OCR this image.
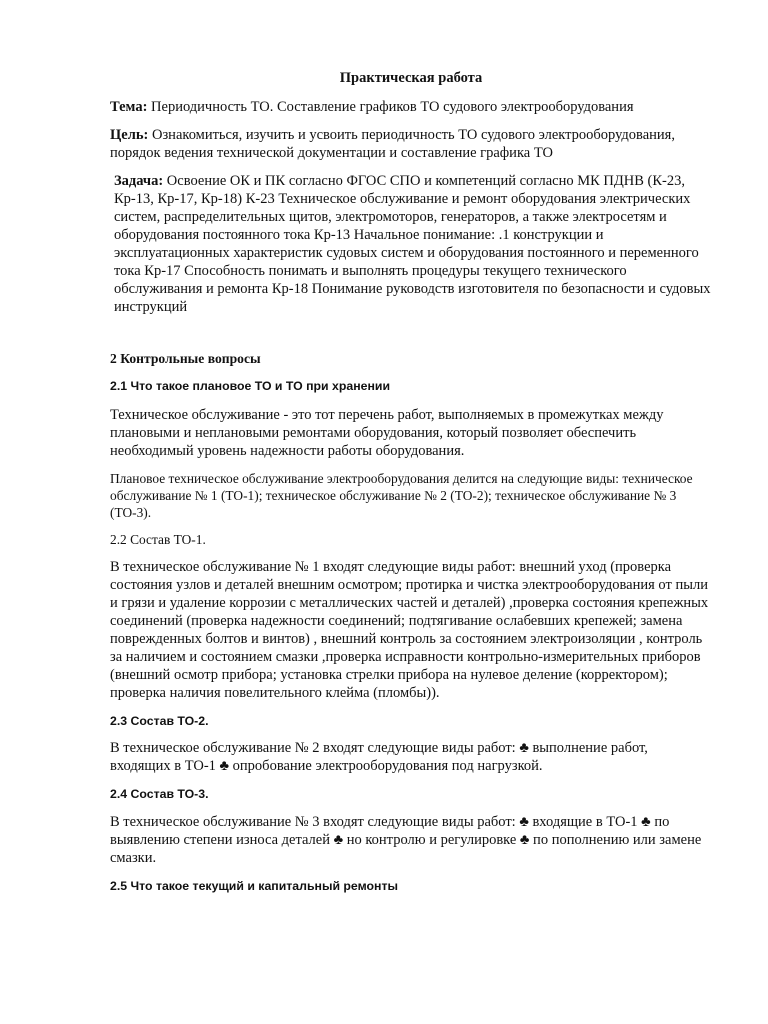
Практическая работа

Тема: Периодичность ТО. Составление графиков ТО судового электрооборудования

Цель: Ознакомиться, изучить и усвоить периодичность ТО судового электрооборудования, порядок ведения технической документации и составление графика ТО

Задача: Освоение ОК и ПК согласно ФГОС СПО и компетенций согласно МК ПДНВ (К-23, Кр-13, Кр-17, Кр-18) К-23 Техническое обслуживание и ремонт оборудования электрических систем, распределительных щитов, электромоторов, генераторов, а также электросетям и оборудования постоянного тока Кр-13 Начальное понимание: .1 конструкции и эксплуатационных характеристик судовых систем и оборудования постоянного и переменного тока Кр-17 Способность понимать и выполнять процедуры текущего технического обслуживания и ремонта Кр-18 Понимание руководств изготовителя по безопасности и судовых инструкций

2 Контрольные вопросы

2.1 Что такое плановое ТО и ТО при хранении

Техническое обслуживание - это тот перечень работ, выполняемых в промежутках между плановыми и неплановыми ремонтами оборудования, который позволяет обеспечить необходимый уровень надежности работы оборудования.

Плановое техническое обслуживание электрооборудования делится на следующие виды: техническое обслуживание № 1 (ТО-1); техническое обслуживание № 2 (ТО-2); техническое обслуживание № 3 (ТО-3).

2.2 Состав ТО-1.

В техническое обслуживание № 1 входят следующие виды работ: внешний уход (проверка состояния узлов и деталей внешним осмотром; протирка и чистка электрооборудования от пыли и грязи и удаление коррозии с металлических частей и деталей) ,проверка состояния крепежных соединений (проверка надежности соединений; подтягивание ослабевших крепежей; замена поврежденных болтов и винтов) , внешний контроль за состоянием электроизоляции , контроль за наличием и состоянием смазки ,проверка исправности контрольно-измерительных приборов (внешний осмотр прибора; установка стрелки прибора на нулевое деление (корректором); проверка наличия повелительного клейма (пломбы)).

2.3 Состав ТО-2.

В техническое обслуживание № 2 входят следующие виды работ: ♣ выполнение работ, входящих в ТО-1 ♣ опробование электрооборудования под нагрузкой.

2.4 Состав ТО-3.

В техническое обслуживание № 3 входят следующие виды работ: ♣ входящие в ТО-1 ♣ по выявлению степени износа деталей ♣ но контролю и регулировке ♣ по пополнению или замене смазки.

2.5 Что такое текущий и капитальный ремонты
